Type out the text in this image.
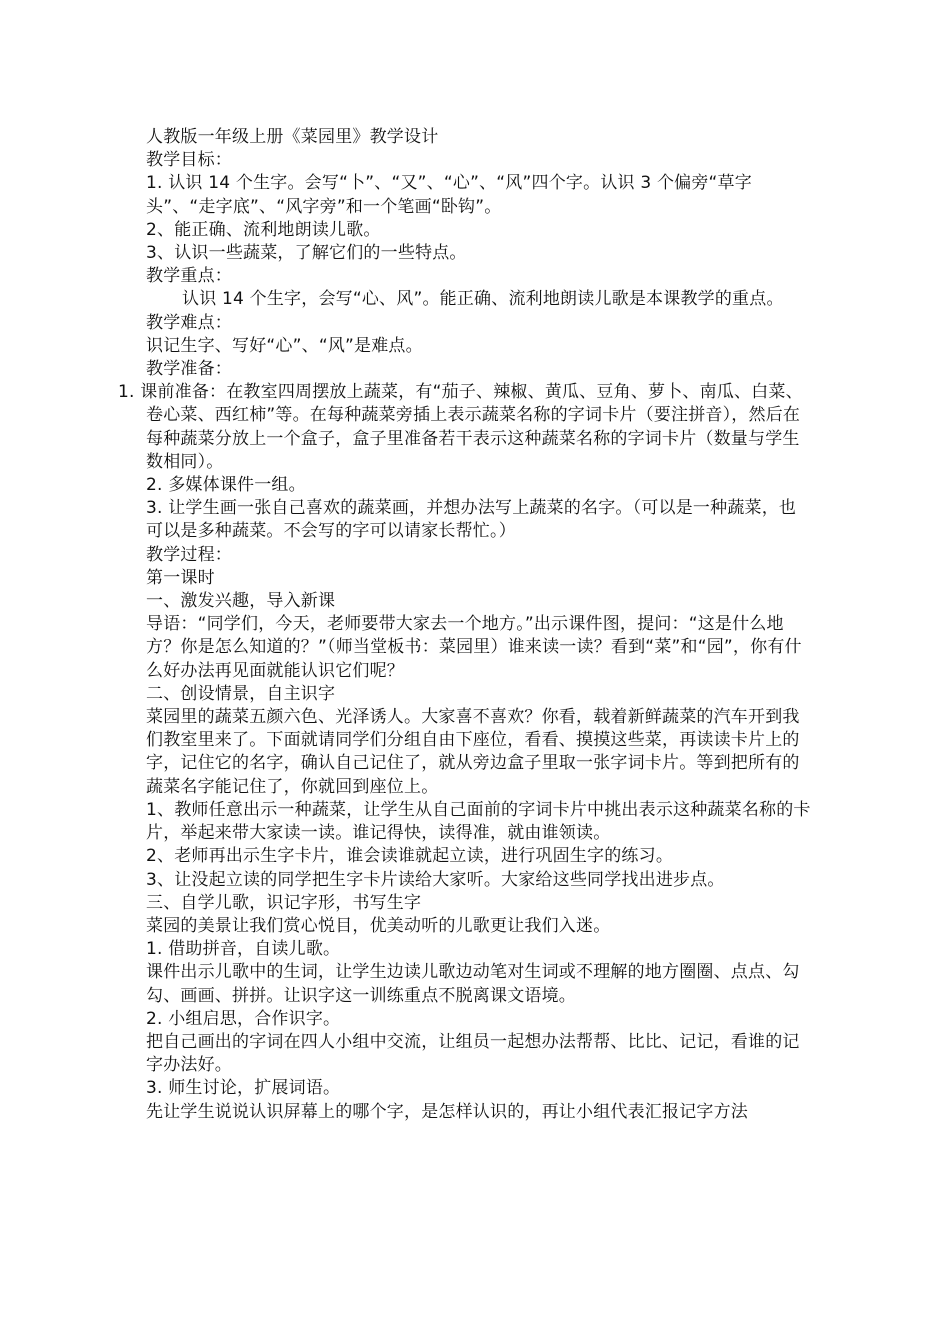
人教版一年级上册《菜园里》教学设计

教学目标：

1. 认识 14 个生字。会写“卜”、“又”、“心”、“风”四个字。认识 3 个偏旁“草字头”、“走字底”、“风字旁”和一个笔画“卧钩”。

2、能正确、流利地朗读儿歌。

3、认识一些蔬菜，了解它们的一些特点。

教学重点：

认识 14 个生字，会写“心、风”。能正确、流利地朗读儿歌是本课教学的重点。

教学难点：

识记生字、写好“心”、“风”是难点。

教学准备：

1. 课前准备：在教室四周摆放上蔬菜，有“茄子、辣椒、黄瓜、豆角、萝卜、南瓜、白菜、卷心菜、西红柿”等。在每种蔬菜旁插上表示蔬菜名称的字词卡片（要注拼音），然后在每种蔬菜分放上一个盒子，盒子里准备若干表示这种蔬菜名称的字词卡片（数量与学生数相同）。

2. 多媒体课件一组。

3. 让学生画一张自己喜欢的蔬菜画，并想办法写上蔬菜的名字。（可以是一种蔬菜，也可以是多种蔬菜。不会写的字可以请家长帮忙。）

教学过程：

第一课时

一、激发兴趣，导入新课

导语：“同学们，今天，老师要带大家去一个地方。”出示课件图，提问：“这是什么地方？你是怎么知道的？”（师当堂板书：菜园里）谁来读一读？看到“菜”和“园”，你有什么好办法再见面就能认识它们呢？

二、创设情景，自主识字

菜园里的蔬菜五颜六色、光泽诱人。大家喜不喜欢？你看，载着新鲜蔬菜的汽车开到我们教室里来了。下面就请同学们分组自由下座位，看看、摸摸这些菜，再读读卡片上的字，记住它的名字，确认自己记住了，就从旁边盒子里取一张字词卡片。等到把所有的蔬菜名字能记住了，你就回到座位上。

1、教师任意出示一种蔬菜，让学生从自己面前的字词卡片中挑出表示这种蔬菜名称的卡片，举起来带大家读一读。谁记得快，读得准，就由谁领读。

2、老师再出示生字卡片，谁会读谁就起立读，进行巩固生字的练习。

3、让没起立读的同学把生字卡片读给大家听。大家给这些同学找出进步点。

三、自学儿歌，识记字形，书写生字

菜园的美景让我们赏心悦目，优美动听的儿歌更让我们入迷。

1. 借助拼音，自读儿歌。

课件出示儿歌中的生词，让学生边读儿歌边动笔对生词或不理解的地方圈圈、点点、勾勾、画画、拼拼。让识字这一训练重点不脱离课文语境。

2. 小组启思，合作识字。

把自己画出的字词在四人小组中交流，让组员一起想办法帮帮、比比、记记，看谁的记字办法好。

3. 师生讨论，扩展词语。

先让学生说说认识屏幕上的哪个字，是怎样认识的，再让小组代表汇报记字方法
